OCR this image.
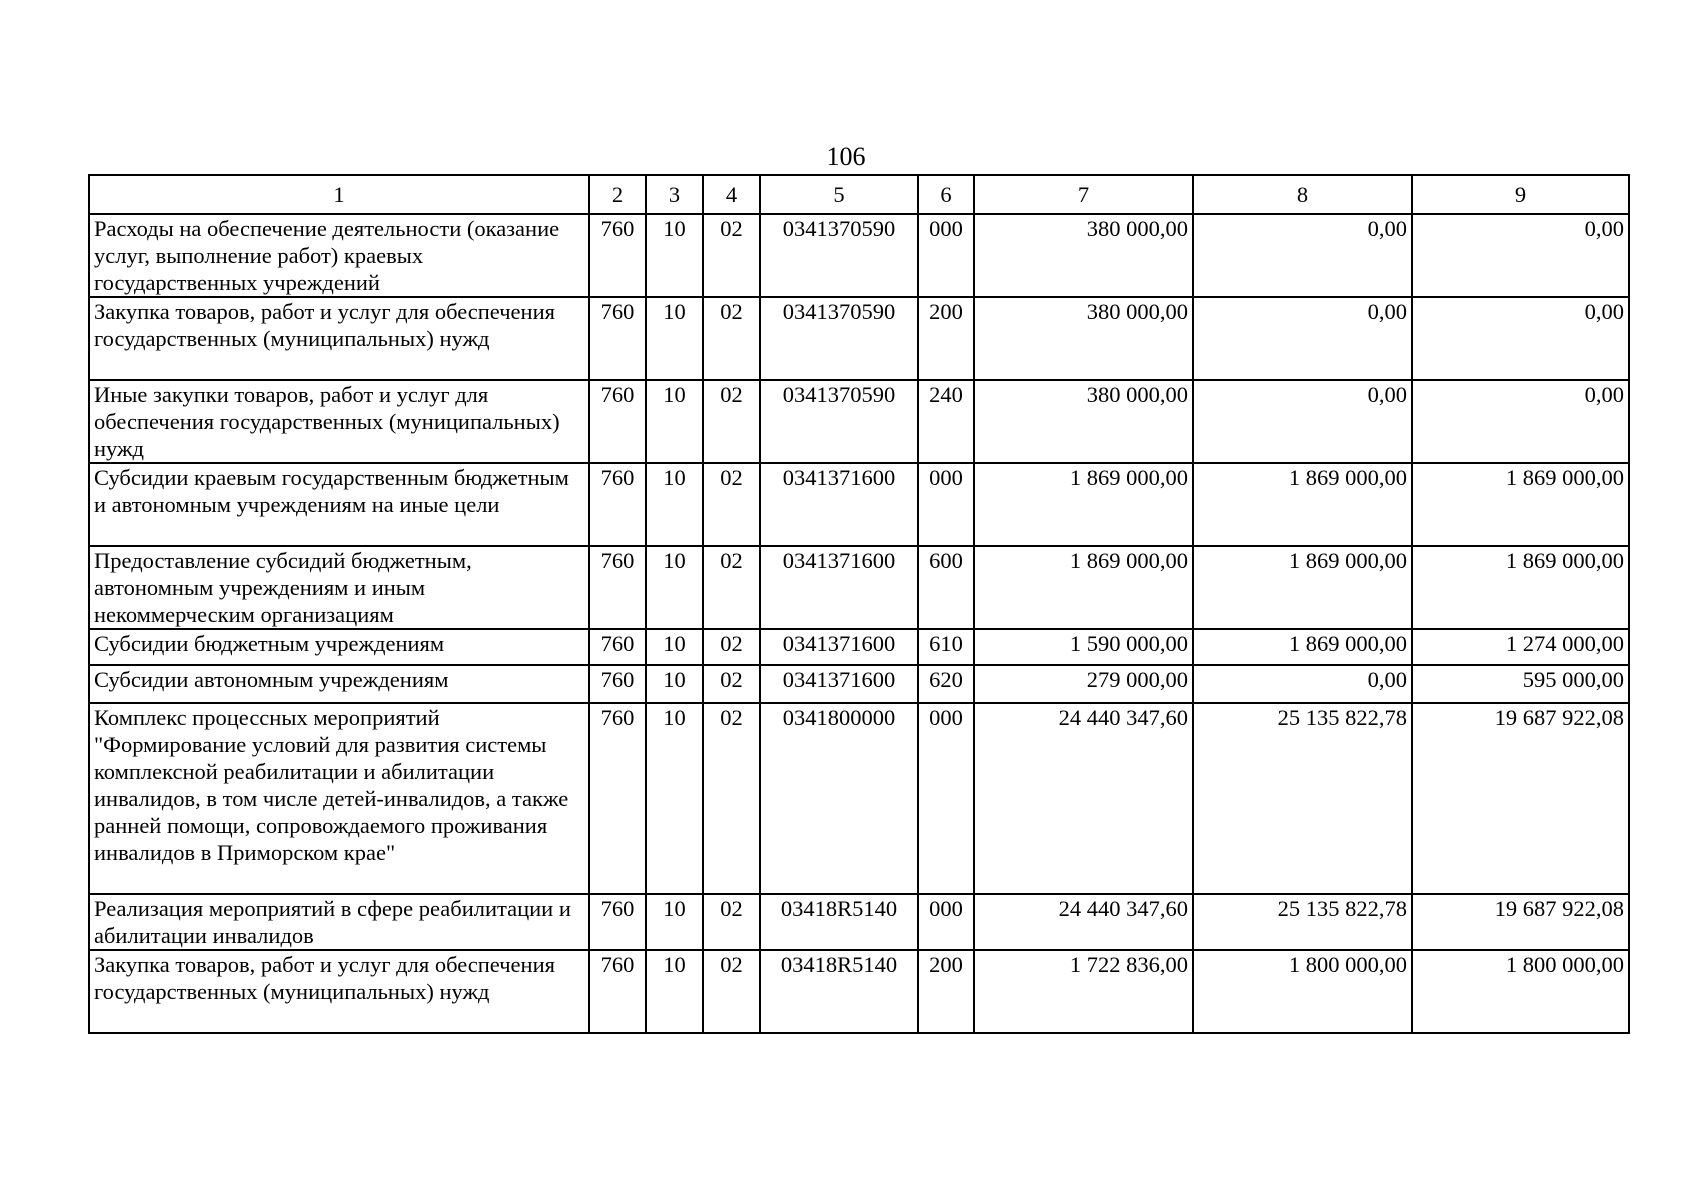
106
1	2	3	4	5	6	7	8	9
Расходы на обеспечение деятельности (оказание услуг, выполнение работ) краевых государственных учреждений	760	10	02	0341370590	000	380 000,00	0,00	0,00
Закупка товаров, работ и услуг для обеспечения государственных (муниципальных) нужд	760	10	02	0341370590	200	380 000,00	0,00	0,00
Иные закупки товаров, работ и услуг для обеспечения государственных (муниципальных) нужд	760	10	02	0341370590	240	380 000,00	0,00	0,00
Субсидии краевым государственным бюджетным и автономным учреждениям на иные цели	760	10	02	0341371600	000	1 869 000,00	1 869 000,00	1 869 000,00
Предоставление субсидий бюджетным, автономным учреждениям и иным некоммерческим организациям	760	10	02	0341371600	600	1 869 000,00	1 869 000,00	1 869 000,00
Субсидии бюджетным учреждениям	760	10	02	0341371600	610	1 590 000,00	1 869 000,00	1 274 000,00
Субсидии автономным учреждениям	760	10	02	0341371600	620	279 000,00	0,00	595 000,00
Комплекс процессных мероприятий "Формирование условий для развития системы комплексной реабилитации и абилитации инвалидов, в том числе детей-инвалидов, а также ранней помощи, сопровождаемого проживания инвалидов в Приморском крае"	760	10	02	0341800000	000	24 440 347,60	25 135 822,78	19 687 922,08
Реализация мероприятий в сфере реабилитации и абилитации инвалидов	760	10	02	03418R5140	000	24 440 347,60	25 135 822,78	19 687 922,08
Закупка товаров, работ и услуг для обеспечения государственных (муниципальных) нужд	760	10	02	03418R5140	200	1 722 836,00	1 800 000,00	1 800 000,00
